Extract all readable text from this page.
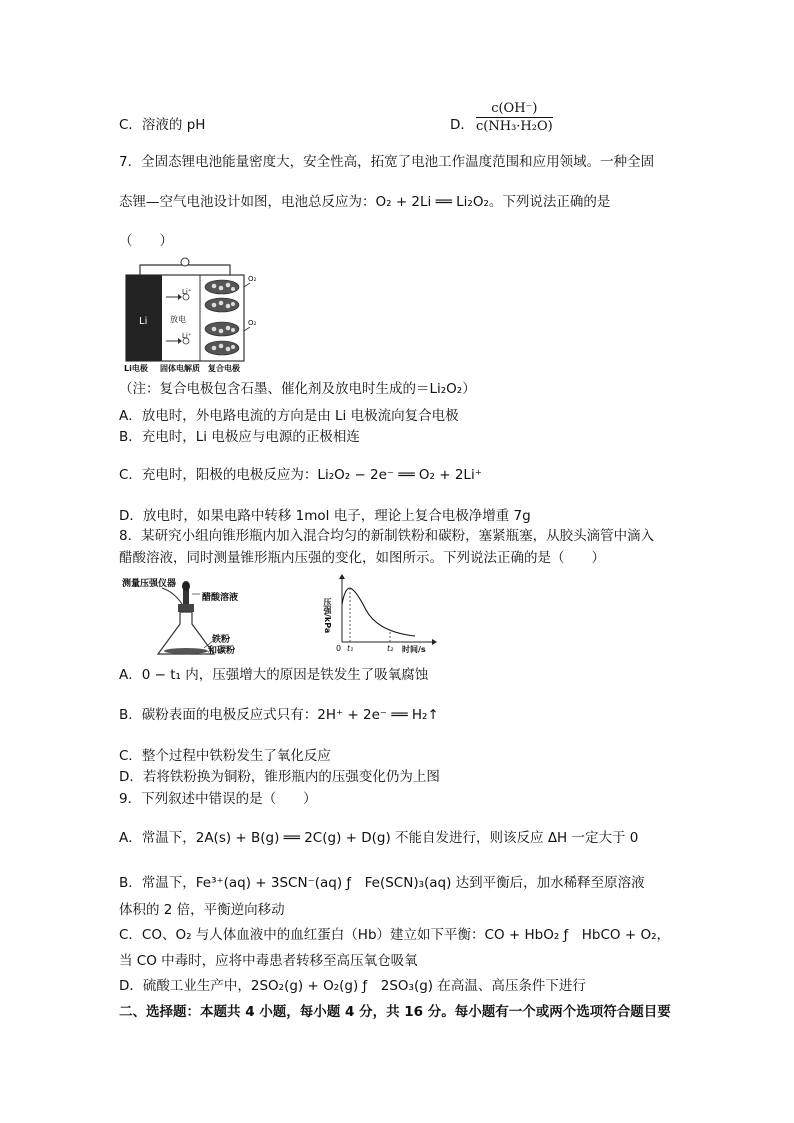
C．溶液的 pH	D． $\frac{c(OH^-)}{\text{c(NH₃·H₂O)}}$
7．全固态锂电池能量密度大，安全性高，拓宽了电池工作温度范围和应用领域。一种全固
态锂—空气电池设计如图，电池总反应为：O₂ + 2Li ══ Li₂O₂。下列说法正确的是
（　　）
Li
Li⁺
Li⁺
放电
O₂
O₂
Li电极 固体电解质 复合电极
（注：复合电极包含石墨、催化剂及放电时生成的＝Li₂O₂）
A．放电时，外电路电流的方向是由 Li 电极流向复合电极
B．充电时，Li 电极应与电源的正极相连
C．充电时，阳极的电极反应为：Li₂O₂ − 2e⁻ ══ O₂ + 2Li⁺
D．放电时，如果电路中转移 1mol 电子，理论上复合电极净增重 7g
8．某研究小组向锥形瓶内加入混合均匀的新制铁粉和碳粉，塞紧瓶塞，从胶头滴管中滴入
醋酸溶液，同时测量锥形瓶内压强的变化，如图所示。下列说法正确的是（　　）
测量压强仪器
醋酸溶液
铁粉
和碳粉
压强/kPa
0 t₁	t₂ 时间/s
A．0 − t₁ 内，压强增大的原因是铁发生了吸氧腐蚀
B．碳粉表面的电极反应式只有：2H⁺ + 2e⁻ ══ H₂↑
C．整个过程中铁粉发生了氧化反应
D．若将铁粉换为铜粉，锥形瓶内的压强变化仍为上图
9．下列叙述中错误的是（　　）
A．常温下，2A(s) + B(g) ══ 2C(g) + D(g) 不能自发进行，则该反应 ΔH 一定大于 0
B．常温下，Fe³⁺(aq) + 3SCN⁻(aq) ƒ　Fe(SCN)₃(aq) 达到平衡后，加水稀释至原溶液
体积的 2 倍，平衡逆向移动
C．CO、O₂ 与人体血液中的血红蛋白（Hb）建立如下平衡：CO + HbO₂ ƒ　HbCO + O₂，
当 CO 中毒时，应将中毒患者转移至高压氧仓吸氧
D．硫酸工业生产中，2SO₂(g) + O₂(g) ƒ　2SO₃(g) 在高温、高压条件下进行
二、选择题：本题共 4 小题，每小题 4 分，共 16 分。每小题有一个或两个选项符合题目要
